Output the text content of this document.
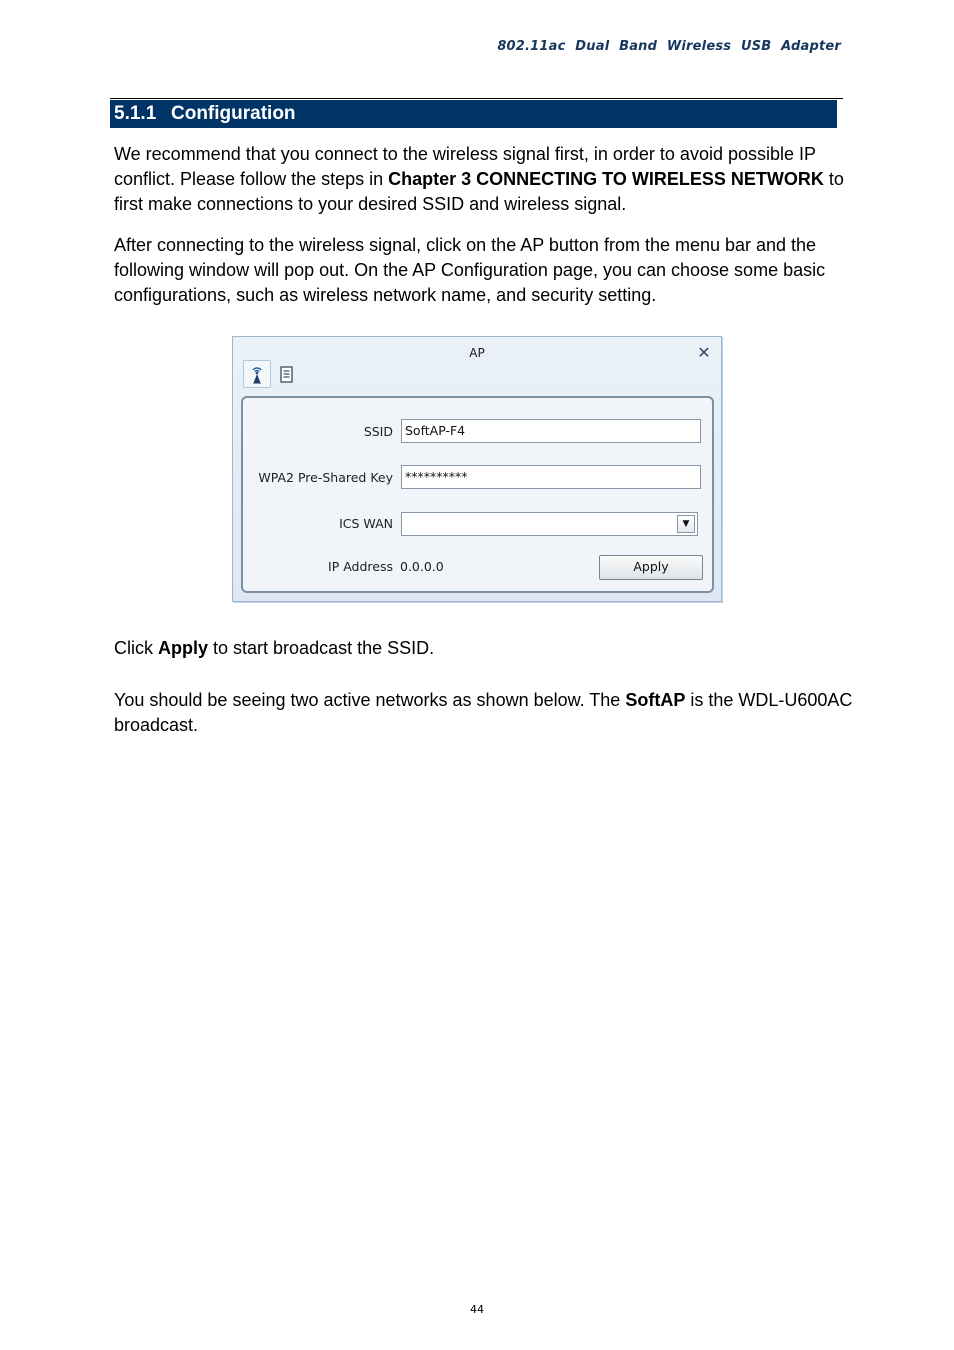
802.11ac Dual Band Wireless USB Adapter
5.1.1 Configuration

We recommend that you connect to the wireless signal first, in order to avoid possible IP conflict. Please follow the steps in Chapter 3 CONNECTING TO WIRELESS NETWORK to first make connections to your desired SSID and wireless signal.

After connecting to the wireless signal, click on the AP button from the menu bar and the following window will pop out. On the AP Configuration page, you can choose some basic configurations, such as wireless network name, and security setting.

AP	✕
SSID SoftAP-F4
WPA2 Pre-Shared Key **********
ICS WAN	▼
IP Address 0.0.0.0	Apply

Click Apply to start broadcast the SSID.

You should be seeing two active networks as shown below. The SoftAP is the WDL-U600AC broadcast.

44
